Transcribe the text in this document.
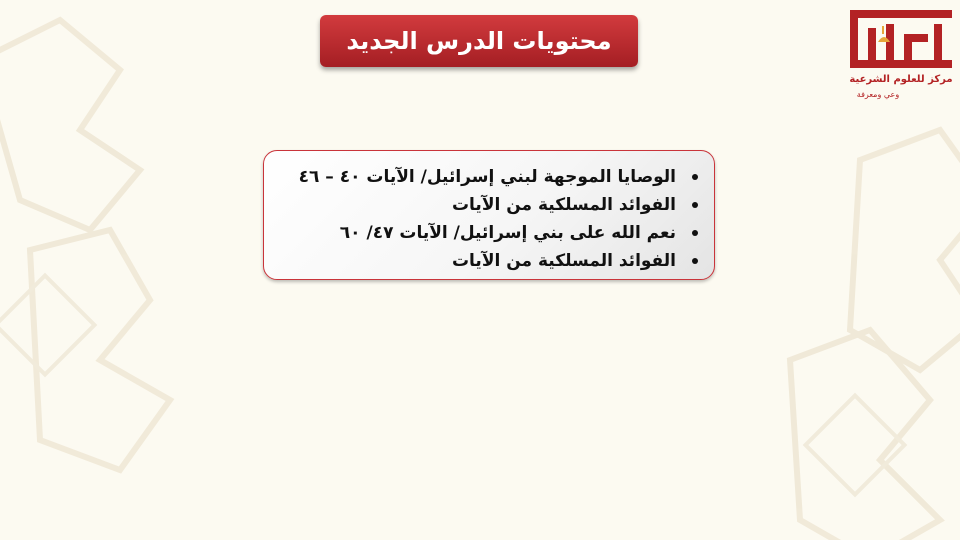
محتويات الدرس الجديد
الوصايا الموجهة لبني إسرائيل/ الآيات ٤٠ – ٤٦
الفوائد المسلكية من الآيات
نعم الله على بني إسرائيل/ الآيات ٤٧/ ٦٠
الفوائد المسلكية من الآيات
مركز للعلوم الشرعية
وعي ومعرفة
